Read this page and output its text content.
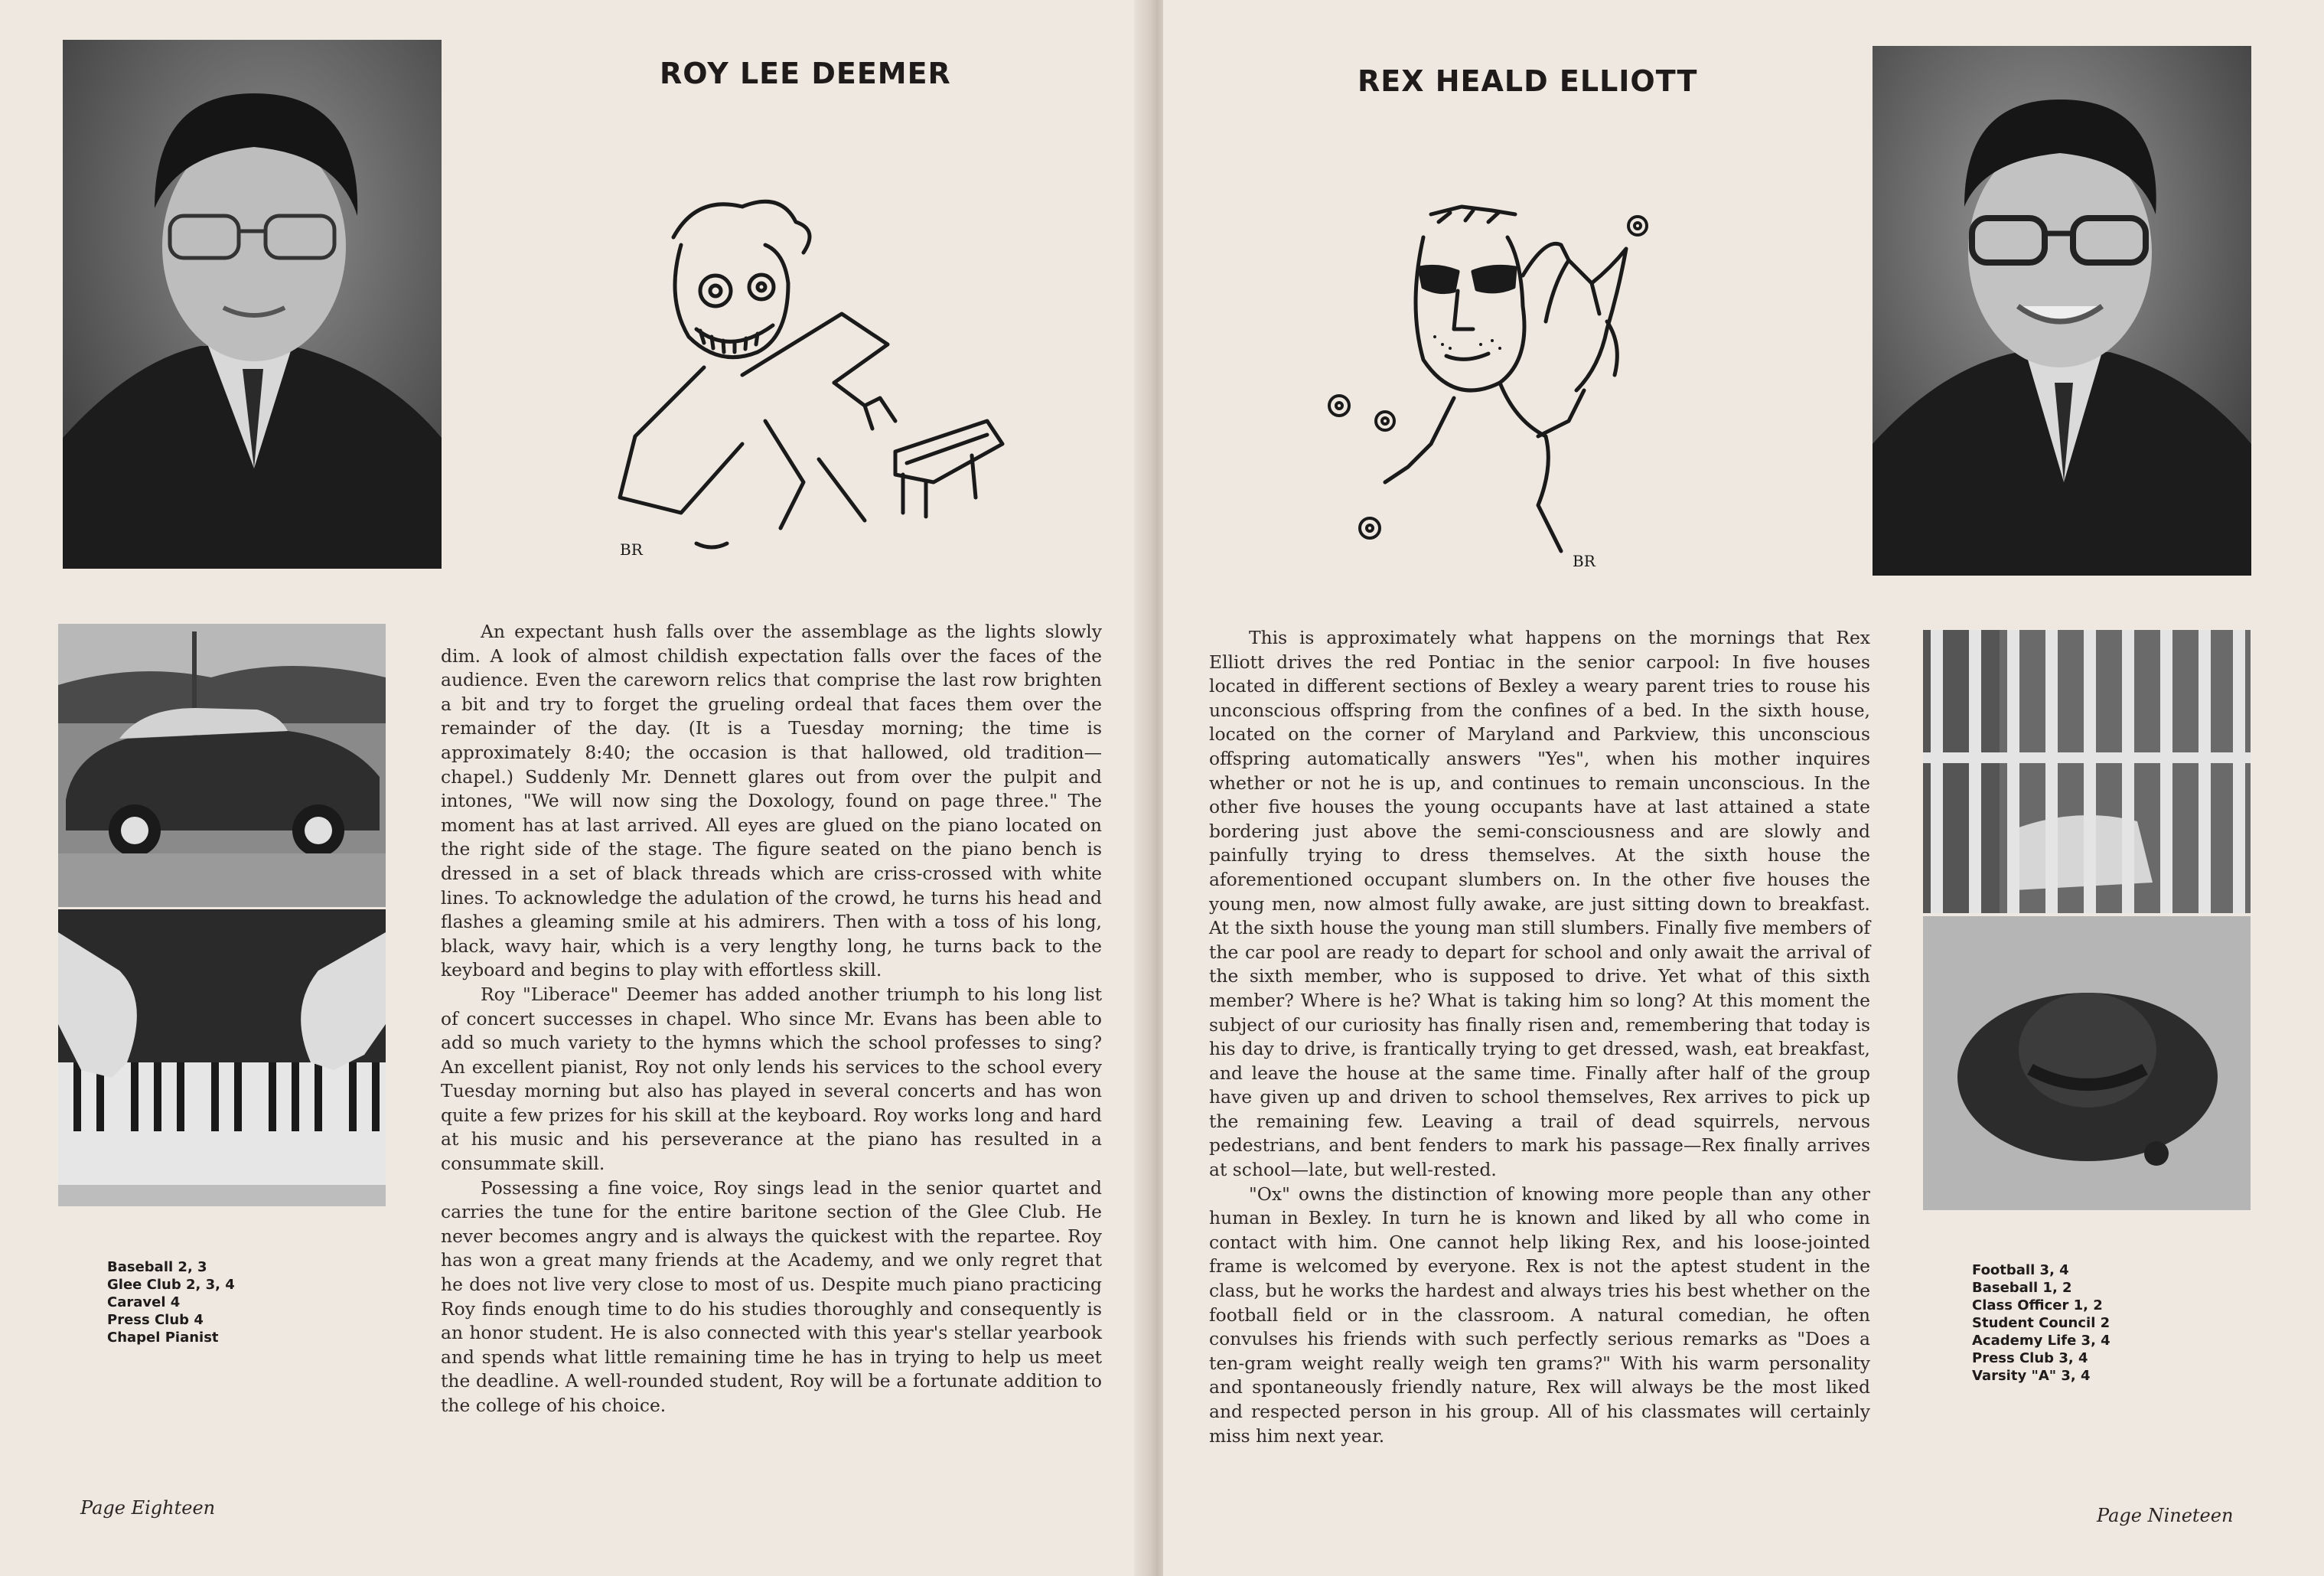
ROY LEE DEEMER
BR

An expectant hush falls over the assemblage as the lights slowly dim. A look of almost childish expectation falls over the faces of the audience. Even the careworn relics that comprise the last row brighten a bit and try to forget the grueling ordeal that faces them over the remainder of the day. (It is a Tuesday morning; the time is approximately 8:40; the occasion is that hallowed, old tradition—chapel.) Suddenly Mr. Dennett glares out from over the pulpit and intones, "We will now sing the Doxology, found on page three." The moment has at last arrived. All eyes are glued on the piano located on the right side of the stage. The figure seated on the piano bench is dressed in a set of black threads which are criss-crossed with white lines. To acknowledge the adulation of the crowd, he turns his head and flashes a gleaming smile at his admirers. Then with a toss of his long, black, wavy hair, which is a very lengthy long, he turns back to the keyboard and begins to play with effortless skill.

Roy "Liberace" Deemer has added another triumph to his long list of concert successes in chapel. Who since Mr. Evans has been able to add so much variety to the hymns which the school professes to sing? An excellent pianist, Roy not only lends his services to the school every Tuesday morning but also has played in several concerts and has won quite a few prizes for his skill at the keyboard. Roy works long and hard at his music and his perseverance at the piano has resulted in a consummate skill.

Possessing a fine voice, Roy sings lead in the senior quartet and carries the tune for the entire baritone section of the Glee Club. He never becomes angry and is always the quickest with the repartee. Roy has won a great many friends at the Academy, and we only regret that he does not live very close to most of us. Despite much piano practicing Roy finds enough time to do his studies thoroughly and consequently is an honor student. He is also connected with this year's stellar yearbook and spends what little remaining time he has in trying to help us meet the deadline. A well-rounded student, Roy will be a fortunate addition to the college of his choice.

Baseball 2, 3
Glee Club 2, 3, 4
Caravel 4
Press Club 4
Chapel Pianist
Page Eighteen
REX HEALD ELLIOTT
BR

This is approximately what happens on the mornings that Rex Elliott drives the red Pontiac in the senior carpool: In five houses located in different sections of Bexley a weary parent tries to rouse his unconscious offspring from the confines of a bed. In the sixth house, located on the corner of Maryland and Parkview, this unconscious offspring automatically answers "Yes", when his mother inquires whether or not he is up, and continues to remain unconscious. In the other five houses the young occupants have at last attained a state bordering just above the semi-consciousness and are slowly and painfully trying to dress themselves. At the sixth house the aforementioned occupant slumbers on. In the other five houses the young men, now almost fully awake, are just sitting down to breakfast. At the sixth house the young man still slumbers. Finally five members of the car pool are ready to depart for school and only await the arrival of the sixth member, who is supposed to drive. Yet what of this sixth member? Where is he? What is taking him so long? At this moment the subject of our curiosity has finally risen and, remembering that today is his day to drive, is frantically trying to get dressed, wash, eat breakfast, and leave the house at the same time. Finally after half of the group have given up and driven to school themselves, Rex arrives to pick up the remaining few. Leaving a trail of dead squirrels, nervous pedestrians, and bent fenders to mark his passage—Rex finally arrives at school—late, but well-rested.

"Ox" owns the distinction of knowing more people than any other human in Bexley. In turn he is known and liked by all who come in contact with him. One cannot help liking Rex, and his loose-jointed frame is welcomed by everyone. Rex is not the aptest student in the class, but he works the hardest and always tries his best whether on the football field or in the classroom. A natural comedian, he often convulses his friends with such perfectly serious remarks as "Does a ten-gram weight really weigh ten grams?" With his warm personality and spontaneously friendly nature, Rex will always be the most liked and respected person in his group. All of his classmates will certainly miss him next year.

Football 3, 4
Baseball 1, 2
Class Officer 1, 2
Student Council 2
Academy Life 3, 4
Press Club 3, 4
Varsity "A" 3, 4
Page Nineteen
